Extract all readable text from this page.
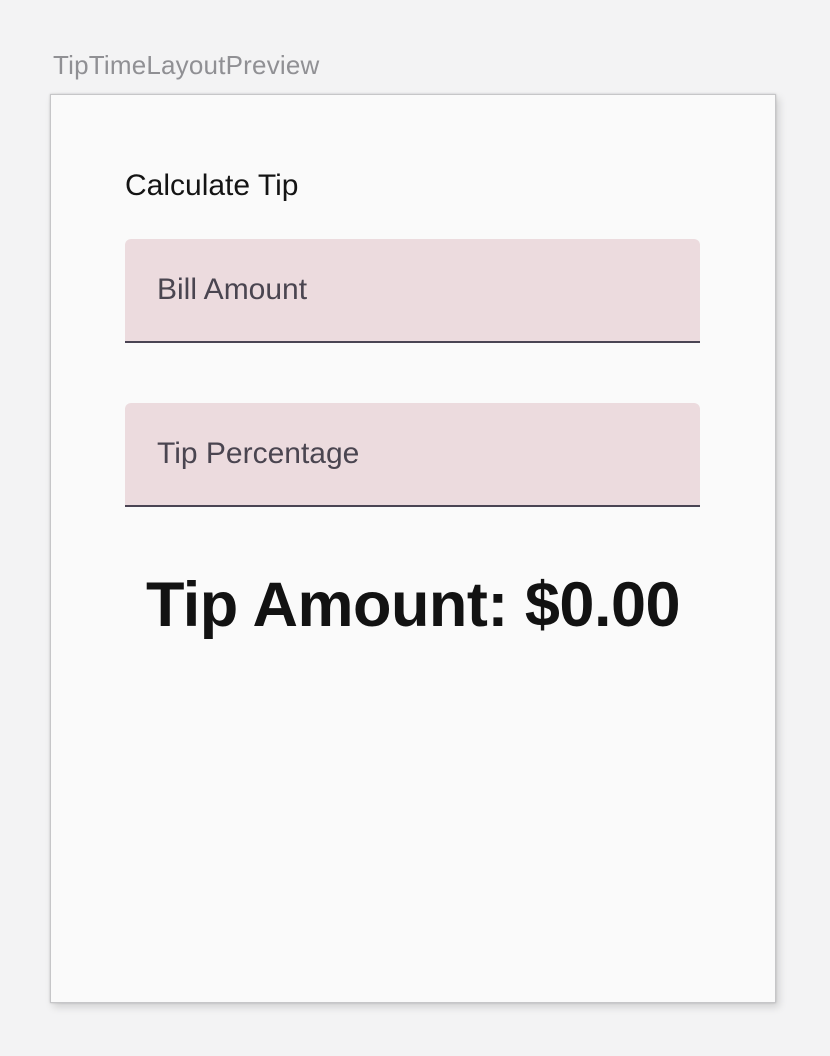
TipTimeLayoutPreview
Calculate Tip
Bill Amount
Tip Percentage
Tip Amount: $0.00
